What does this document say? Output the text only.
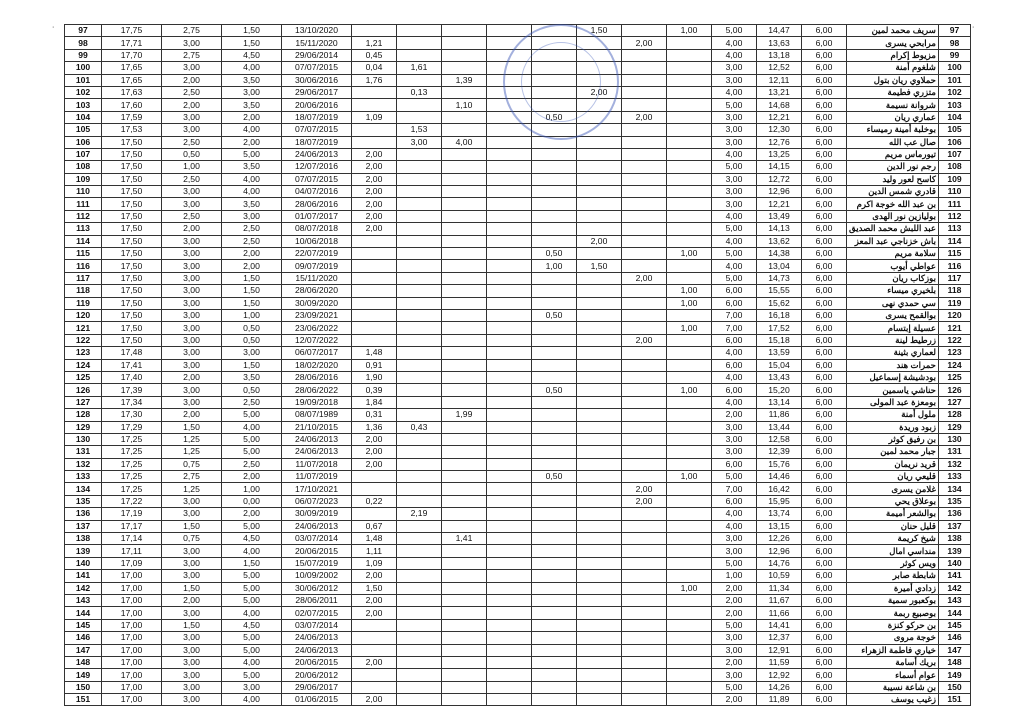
97	17,75	2,75	1,50	13/10/2020						1,50		1,00	5,00	14,47	6,00	سريف محمد لمين	97
98	17,71	3,00	1,50	15/11/2020	1,21						2,00		4,00	13,63	6,00	مرابحي يسرى	98
99	17,70	2,75	4,50	29/06/2014	0,45								4,00	13,18	6,00	مزيوط إكرام	99
100	17,65	3,00	4,00	07/07/2015	0,04	1,61							3,00	12,52	6,00	شلغوم أمنة	100
101	17,65	2,00	3,50	30/06/2016	1,76		1,39						3,00	12,11	6,00	حملاوي ريان بتول	101
102	17,63	2,50	3,00	29/06/2017		0,13				2,00			4,00	13,21	6,00	متزري فطيمة	102
103	17,60	2,00	3,50	20/06/2016			1,10						5,00	14,68	6,00	شروانة نسيمة	103
104	17,59	3,00	2,00	18/07/2019	1,09				0,50		2,00		3,00	12,21	6,00	عماري ريان	104
105	17,53	3,00	4,00	07/07/2015		1,53							3,00	12,30	6,00	بوخلبة أمينة رميساء	105
106	17,50	2,50	2,00	18/07/2019		3,00	4,00						3,00	12,76	6,00	صال عب الله	106
107	17,50	0,50	5,00	24/06/2013	2,00								4,00	13,25	6,00	تيورماس مريم	107
108	17,50	1,00	3,50	12/07/2016	2,00								5,00	14,15	6,00	رجم نور الدين	108
109	17,50	2,50	4,00	07/07/2015	2,00								3,00	12,72	6,00	كاسح لعور وليد	109
110	17,50	3,00	4,00	04/07/2016	2,00								3,00	12,96	6,00	قادري شمس الدين	110
111	17,50	3,00	3,50	28/06/2016	2,00								3,00	12,21	6,00	بن عبد الله خوجة اكرم	111
112	17,50	2,50	3,00	01/07/2017	2,00								4,00	13,49	6,00	بوليازين نور الهدى	112
113	17,50	2,00	2,50	08/07/2018	2,00								5,00	14,13	6,00	عبد اللبش محمد الصديق	113
114	17,50	3,00	2,50	10/06/2018						2,00			4,00	13,62	6,00	باش خزناجي عبد المعز	114
115	17,50	3,00	2,00	22/07/2019					0,50			1,00	5,00	14,38	6,00	سلامة مريم	115
116	17,50	3,00	2,00	09/07/2019					1,00	1,50			4,00	13,04	6,00	عواطي أيوب	116
117	17,50	3,00	1,50	15/11/2020							2,00		5,00	14,73	6,00	بوزكاب ريان	117
118	17,50	3,00	1,50	28/06/2020								1,00	6,00	15,55	6,00	بلخيري ميساء	118
119	17,50	3,00	1,50	30/09/2020								1,00	6,00	15,62	6,00	سي حمدي نهى	119
120	17,50	3,00	1,00	23/09/2021					0,50				7,00	16,18	6,00	بوالقمح يسرى	120
121	17,50	3,00	0,50	23/06/2022								1,00	7,00	17,52	6,00	عسيلة إبتسام	121
122	17,50	3,00	0,50	12/07/2022							2,00		6,00	15,18	6,00	زرطيط لينة	122
123	17,48	3,00	3,00	06/07/2017	1,48								4,00	13,59	6,00	لعماري بثينة	123
124	17,41	3,00	1,50	18/02/2020	0,91								6,00	15,04	6,00	حمرات هند	124
125	17,40	2,00	3,50	28/06/2016	1,90								4,00	13,43	6,00	بودشيشة إسماعيل	125
126	17,39	3,00	0,50	28/06/2022	0,39				0,50			1,00	6,00	15,20	6,00	حناشي ياسمين	126
127	17,34	3,00	2,50	19/09/2018	1,84								4,00	13,14	6,00	بومعزة عبد المولى	127
128	17,30	2,00	5,00	08/07/1989	0,31		1,99						2,00	11,86	6,00	ملول أمنة	128
129	17,29	1,50	4,00	21/10/2015	1,36	0,43							3,00	13,44	6,00	زبود وريدة	129
130	17,25	1,25	5,00	24/06/2013	2,00								3,00	12,58	6,00	بن رفيق كوثر	130
131	17,25	1,25	5,00	24/06/2013	2,00								3,00	12,39	6,00	جبار محمد لمين	131
132	17,25	0,75	2,50	11/07/2018	2,00								6,00	15,76	6,00	قريد نريمان	132
133	17,25	2,75	2,00	11/07/2019					0,50			1,00	5,00	14,46	6,00	قليعي ريان	133
134	17,25	1,25	1,00	17/10/2021							2,00		7,00	16,42	6,00	غلامن يسرى	134
135	17,22	3,00	0,00	06/07/2023	0,22						2,00		6,00	15,95	6,00	بوعلاق يحي	135
136	17,19	3,00	2,00	30/09/2019		2,19							4,00	13,74	6,00	بوالشعر أميمة	136
137	17,17	1,50	5,00	24/06/2013	0,67								4,00	13,15	6,00	قليل حنان	137
138	17,14	0,75	4,50	03/07/2014	1,48		1,41						3,00	12,26	6,00	شيخ كريمة	138
139	17,11	3,00	4,00	20/06/2015	1,11								3,00	12,96	6,00	منداسي امال	139
140	17,09	3,00	1,50	15/07/2019	1,09								5,00	14,76	6,00	ويس كوثر	140
141	17,00	3,00	5,00	10/09/2002	2,00								1,00	10,59	6,00	شابطة صابر	141
142	17,00	1,50	5,00	30/06/2012	1,50							1,00	2,00	11,34	6,00	زدادي أميرة	142
143	17,00	2,00	5,00	28/06/2011	2,00								2,00	11,67	6,00	بوكعبور سمية	143
144	17,00	3,00	4,00	02/07/2015	2,00								2,00	11,66	6,00	بوصبيع ربمة	144
145	17,00	1,50	4,50	03/07/2014									5,00	14,41	6,00	بن حركو كنزة	145
146	17,00	3,00	5,00	24/06/2013									3,00	12,37	6,00	خوجة مروى	146
147	17,00	3,00	5,00	24/06/2013									3,00	12,91	6,00	خياري فاطمة الزهراء	147
148	17,00	3,00	4,00	20/06/2015	2,00								2,00	11,59	6,00	بريك أسامة	148
149	17,00	3,00	5,00	20/06/2012									3,00	12,92	6,00	عوام أسماء	149
150	17,00	3,00	3,00	29/06/2017									5,00	14,26	6,00	بن شاعة نسيبة	150
151	17,00	3,00	4,00	01/06/2015	2,00								2,00	11,89	6,00	زغيب يوسف	151
˙	˙
